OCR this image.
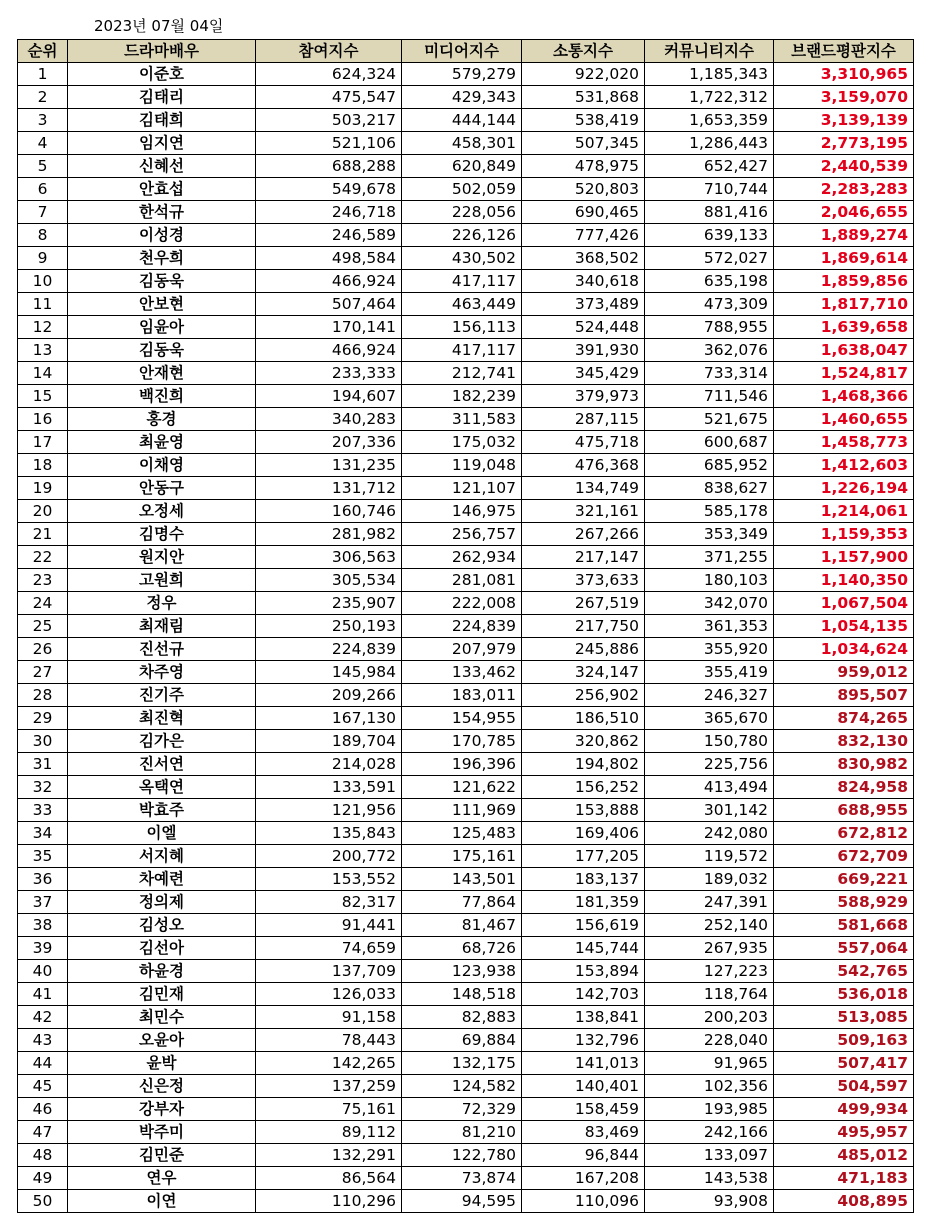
2023년 07월 04일
순위	드라마배우	참여지수	미디어지수	소통지수	커뮤니티지수	브랜드평판지수
1	이준호	624,324	579,279	922,020	1,185,343	3,310,965
2	김태리	475,547	429,343	531,868	1,722,312	3,159,070
3	김태희	503,217	444,144	538,419	1,653,359	3,139,139
4	임지연	521,106	458,301	507,345	1,286,443	2,773,195
5	신혜선	688,288	620,849	478,975	652,427	2,440,539
6	안효섭	549,678	502,059	520,803	710,744	2,283,283
7	한석규	246,718	228,056	690,465	881,416	2,046,655
8	이성경	246,589	226,126	777,426	639,133	1,889,274
9	천우희	498,584	430,502	368,502	572,027	1,869,614
10	김동욱	466,924	417,117	340,618	635,198	1,859,856
11	안보현	507,464	463,449	373,489	473,309	1,817,710
12	임윤아	170,141	156,113	524,448	788,955	1,639,658
13	김동욱	466,924	417,117	391,930	362,076	1,638,047
14	안재현	233,333	212,741	345,429	733,314	1,524,817
15	백진희	194,607	182,239	379,973	711,546	1,468,366
16	홍경	340,283	311,583	287,115	521,675	1,460,655
17	최윤영	207,336	175,032	475,718	600,687	1,458,773
18	이채영	131,235	119,048	476,368	685,952	1,412,603
19	안동구	131,712	121,107	134,749	838,627	1,226,194
20	오정세	160,746	146,975	321,161	585,178	1,214,061
21	김명수	281,982	256,757	267,266	353,349	1,159,353
22	원지안	306,563	262,934	217,147	371,255	1,157,900
23	고원희	305,534	281,081	373,633	180,103	1,140,350
24	정우	235,907	222,008	267,519	342,070	1,067,504
25	최재림	250,193	224,839	217,750	361,353	1,054,135
26	진선규	224,839	207,979	245,886	355,920	1,034,624
27	차주영	145,984	133,462	324,147	355,419	959,012
28	진기주	209,266	183,011	256,902	246,327	895,507
29	최진혁	167,130	154,955	186,510	365,670	874,265
30	김가은	189,704	170,785	320,862	150,780	832,130
31	진서연	214,028	196,396	194,802	225,756	830,982
32	옥택연	133,591	121,622	156,252	413,494	824,958
33	박효주	121,956	111,969	153,888	301,142	688,955
34	이엘	135,843	125,483	169,406	242,080	672,812
35	서지혜	200,772	175,161	177,205	119,572	672,709
36	차예련	153,552	143,501	183,137	189,032	669,221
37	정의제	82,317	77,864	181,359	247,391	588,929
38	김성오	91,441	81,467	156,619	252,140	581,668
39	김선아	74,659	68,726	145,744	267,935	557,064
40	하윤경	137,709	123,938	153,894	127,223	542,765
41	김민재	126,033	148,518	142,703	118,764	536,018
42	최민수	91,158	82,883	138,841	200,203	513,085
43	오윤아	78,443	69,884	132,796	228,040	509,163
44	윤박	142,265	132,175	141,013	91,965	507,417
45	신은정	137,259	124,582	140,401	102,356	504,597
46	강부자	75,161	72,329	158,459	193,985	499,934
47	박주미	89,112	81,210	83,469	242,166	495,957
48	김민준	132,291	122,780	96,844	133,097	485,012
49	연우	86,564	73,874	167,208	143,538	471,183
50	이연	110,296	94,595	110,096	93,908	408,895
